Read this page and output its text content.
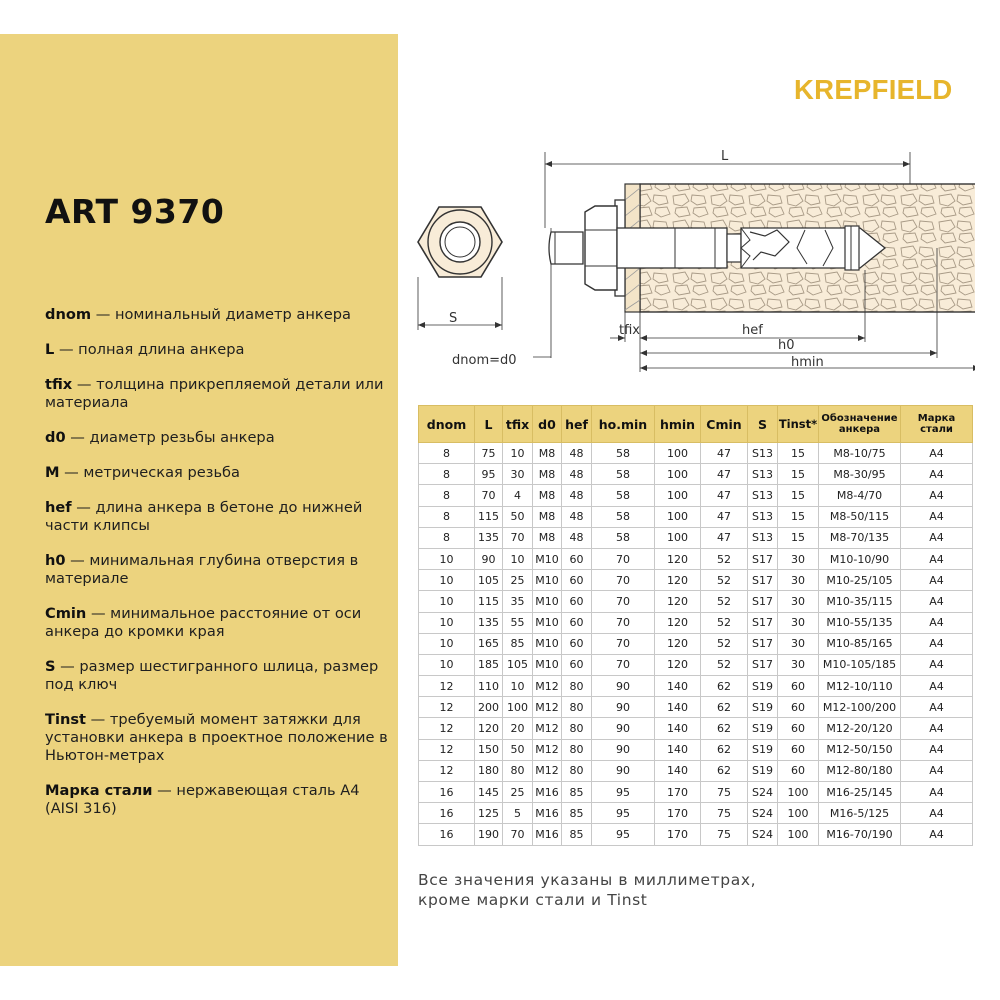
ART 9370
dnom — номинальный диаметр анкера
L — полная длина анкера
tfix — толщина прикрепляемой детали или материала
d0 — диаметр резьбы анкера
M — метрическая резьба
hef — длина анкера в бетоне до нижней части клипсы
h0 — минимальная глубина отверстия в материале
Cmin — минимальное расстояние от оси анкера до кромки края
S — размер шестигранного шлица, размер под ключ
Tinst — требуемый момент затяжки для установки анкера в проектное положение в Ньютон-метрах
Марка стали — нержавеющая сталь А4 (AISI 316)
KREPFIELD
S
dnom=d0
L
tfix	hef
h0
hmin
dnom	L	tfix	d0	hef	ho.min	hmin	Cmin	S	Tinst*	Обозначение анкера	Марка стали
8	75	10	M8	48	58	100	47	S13	15	M8-10/75	A4
8	95	30	M8	48	58	100	47	S13	15	M8-30/95	A4
8	70	4	M8	48	58	100	47	S13	15	M8-4/70	A4
8	115	50	M8	48	58	100	47	S13	15	M8-50/115	A4
8	135	70	M8	48	58	100	47	S13	15	M8-70/135	A4
10	90	10	M10	60	70	120	52	S17	30	M10-10/90	A4
10	105	25	M10	60	70	120	52	S17	30	M10-25/105	A4
10	115	35	M10	60	70	120	52	S17	30	M10-35/115	A4
10	135	55	M10	60	70	120	52	S17	30	M10-55/135	A4
10	165	85	M10	60	70	120	52	S17	30	M10-85/165	A4
10	185	105	M10	60	70	120	52	S17	30	M10-105/185	A4
12	110	10	M12	80	90	140	62	S19	60	M12-10/110	A4
12	200	100	M12	80	90	140	62	S19	60	M12-100/200	A4
12	120	20	M12	80	90	140	62	S19	60	M12-20/120	A4
12	150	50	M12	80	90	140	62	S19	60	M12-50/150	A4
12	180	80	M12	80	90	140	62	S19	60	M12-80/180	A4
16	145	25	M16	85	95	170	75	S24	100	M16-25/145	A4
16	125	5	M16	85	95	170	75	S24	100	M16-5/125	A4
16	190	70	M16	85	95	170	75	S24	100	M16-70/190	A4
Все значения указаны в миллиметрах,
кроме марки стали и Tinst
